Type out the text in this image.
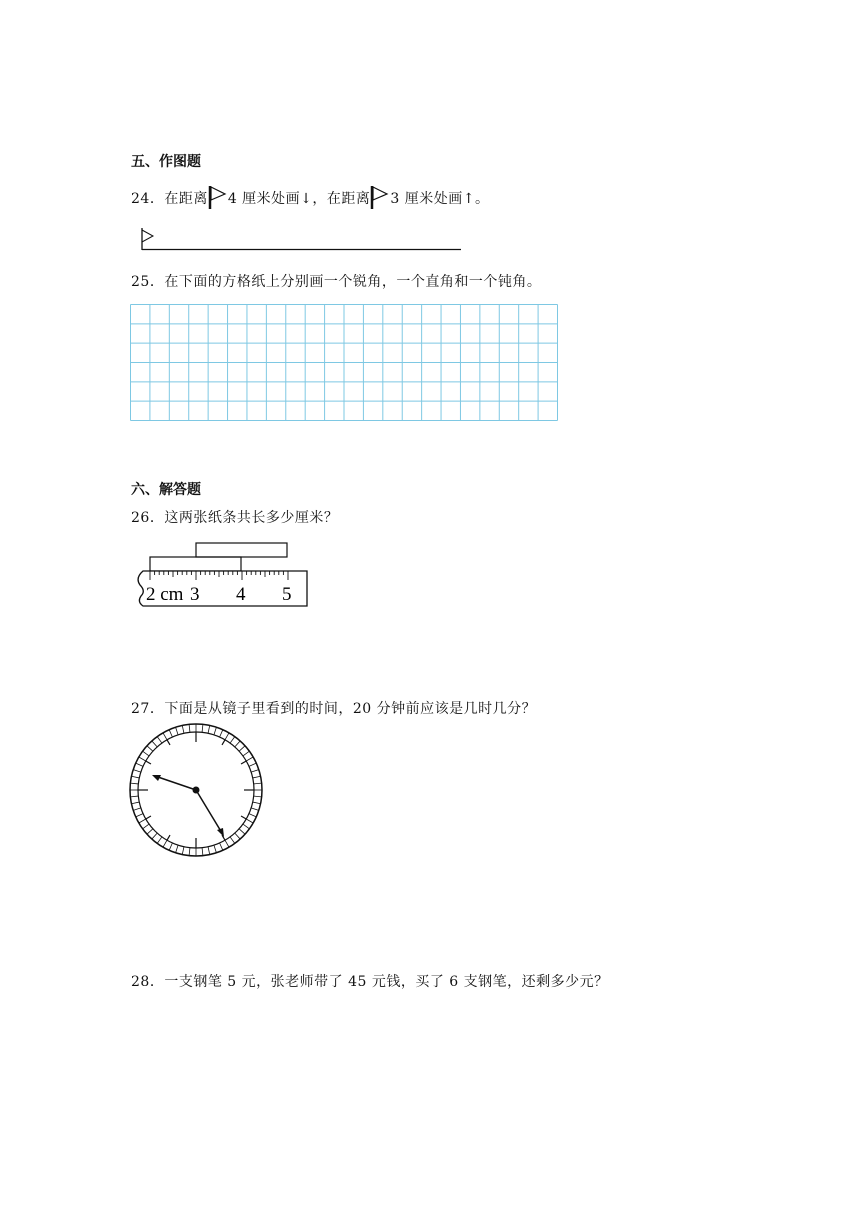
五、作图题
24．在距离 4 厘米处画↓，在距离 3 厘米处画↑。
25．在下面的方格纸上分别画一个锐角，一个直角和一个钝角。
六、解答题
26．这两张纸条共长多少厘米？
2 cm 3 4 5
27．下面是从镜子里看到的时间，20 分钟前应该是几时几分？
28．一支钢笔 5 元，张老师带了 45 元钱，买了 6 支钢笔，还剩多少元？
